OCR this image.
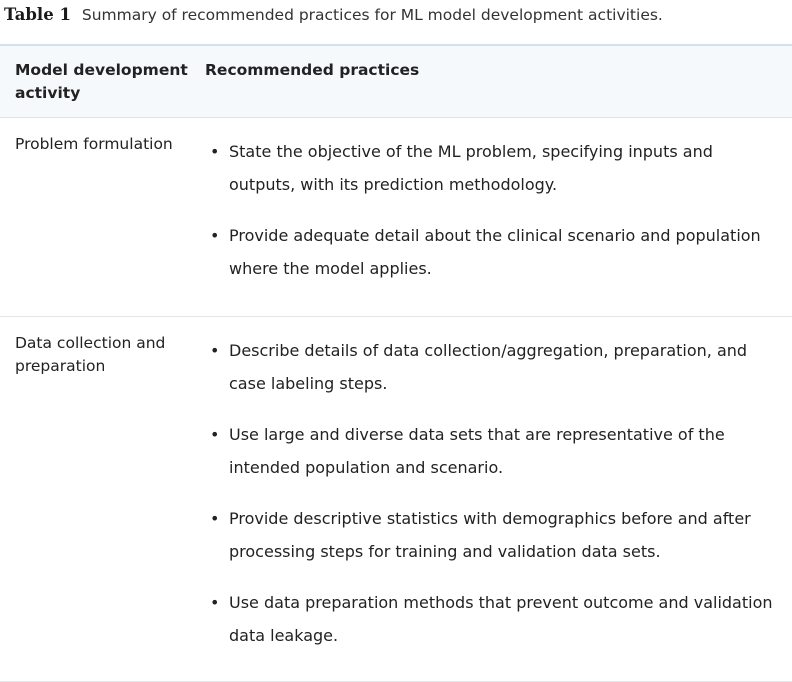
Table 1 Summary of recommended practices for ML model development activities.
Model development activity
Recommended practices
Problem formulation	• State the objective of the ML problem, specifying inputs and outputs, with its prediction methodology.
• Provide adequate detail about the clinical scenario and population where the model applies.
Data collection and preparation
• Describe details of data collection/aggregation, preparation, and case labeling steps.
• Use large and diverse data sets that are representative of the intended population and scenario.
• Provide descriptive statistics with demographics before and after processing steps for training and validation data sets.
• Use data preparation methods that prevent outcome and validation data leakage.
